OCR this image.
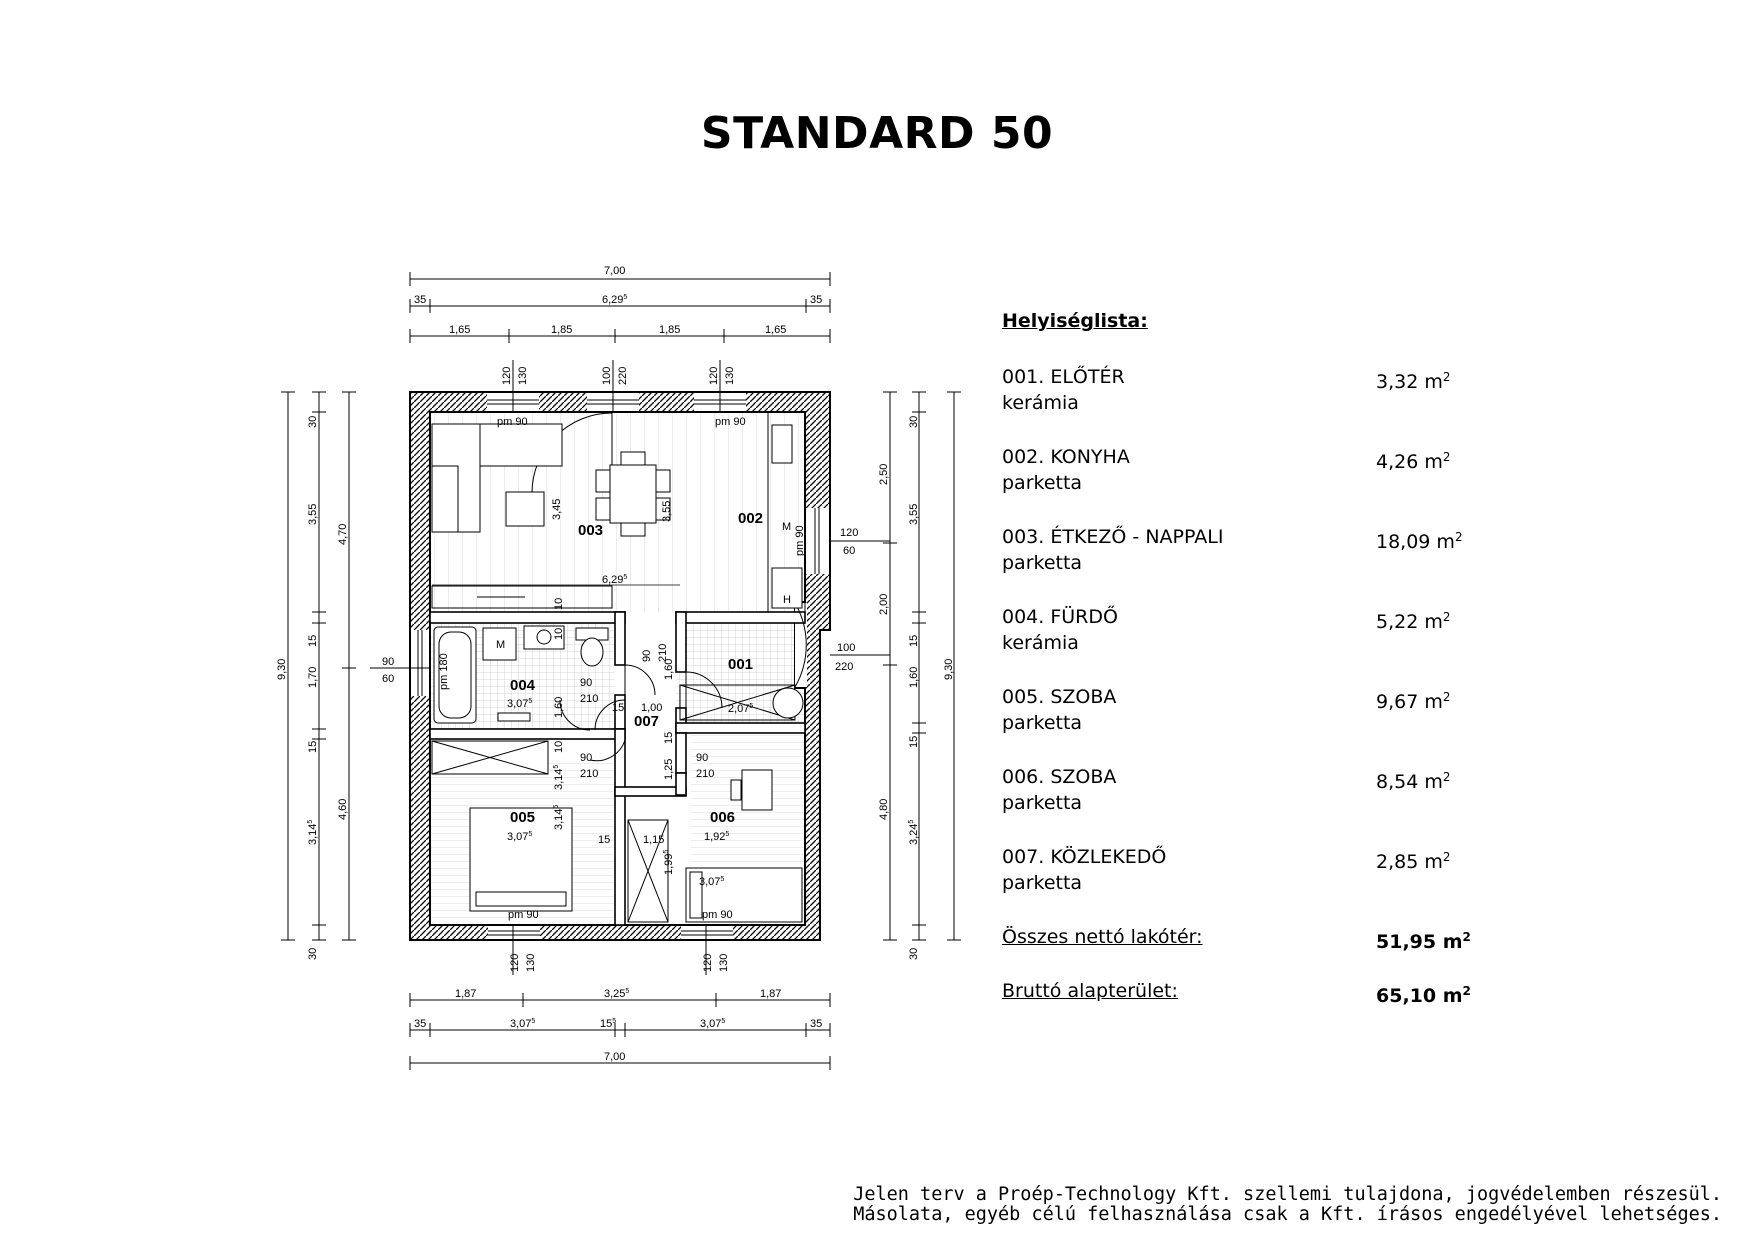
STANDARD 50
003
002
004
001
007
005	006
6,29$^5$
3,45	3,55
3,07$^5$
3,07$^5$
3,14$^5$
1,92$^5$
3,07$^5$
2,07$^5$
1,00
1,25
1,15
1,99$^5$
15
15
15
10
10
10
1,60
1,60
3,14$^5$
90
210
90
210
90
210
90 210
pm 90	pm 90
pm 90	pm 90
pm 90
pm 180
M
M
H
7,00
35	6,29$^5$	35
1,65	1,85	1,85	1,65
1,87	3,25$^5$	1,87
35	3,07$^5$	$15^5$	3,07$^5$	35
7,00
9,30
4,70
4,60
30
3,55
15
1,70
15
3,14$^5$
30
9,30
2,50
2,00
4,80
30
3,55
15
1,60
15
3,24$^5$
30
120 130	100 220	120 130
120 130	120 130
120
60
90
60
100
220
Helyiséglista:
001. ELŐTÉR
kerámia
3,32 $m^2$
002. KONYHA
parketta
4,26 $m^2$
003. ÉTKEZŐ - NAPPALI
parketta
18,09 $m^2$
004. FÜRDŐ
kerámia
5,22 $m^2$
005. SZOBA
parketta
9,67 $m^2$
006. SZOBA
parketta
8,54 $m^2$
007. KÖZLEKEDŐ
parketta
2,85 $m^2$
Összes nettó lakótér:	51,95 $m^2$
Bruttó alapterület:	65,10 $m^2$
Jelen terv a Proép-Technology Kft. szellemi tulajdona, jogvédelemben részesül.
Másolata, egyéb célú felhasználása csak a Kft. írásos engedélyével lehetséges.
